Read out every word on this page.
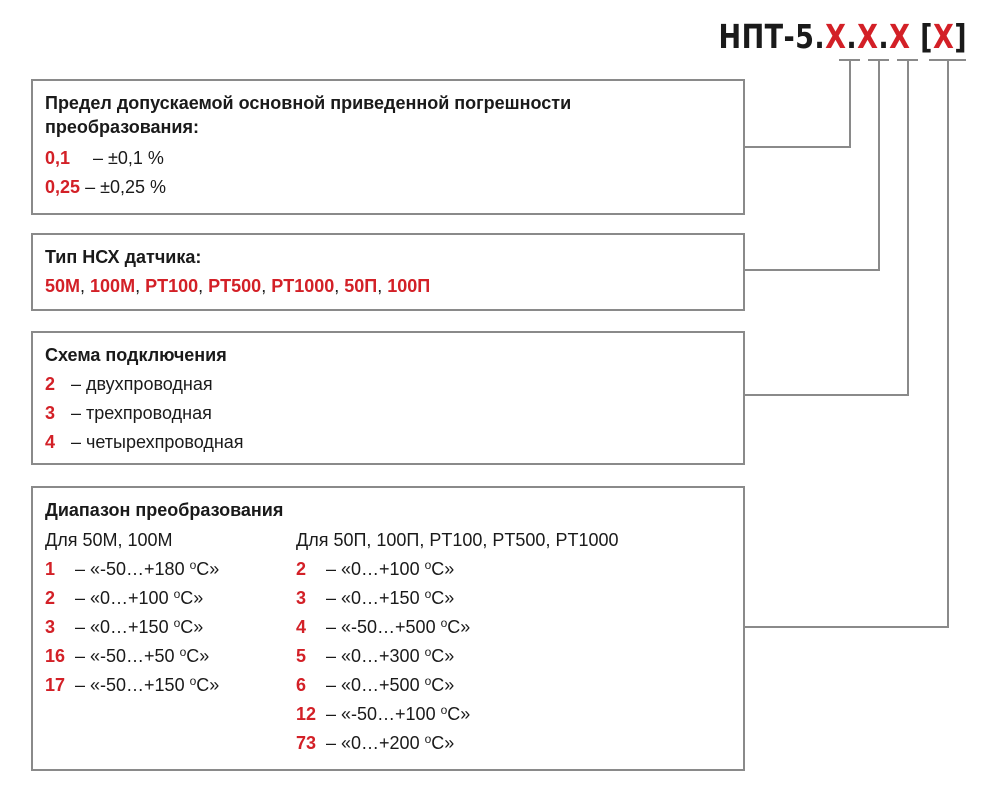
НПТ-5.X.X.X [X]
Предел допускаемой основной приведенной погрешности преобразования:
0,1 – ±0,1 %
0,25 – ±0,25 %
Тип НСХ датчика:
50М, 100М, PT100, PT500, PT1000, 50П, 100П
Схема подключения
2 – двухпроводная
3 – трехпроводная
4 – четырехпроводная
Диапазон преобразования
Для 50М, 100М
1 – «-50…+180 $^o$С»
2 – «0…+100 $^o$С»
3 – «0…+150 $^o$С»
16 – «-50…+50 $^o$С»
17 – «-50…+150 $^o$С»
Для 50П, 100П, PT100, PT500, PT1000
2 – «0…+100 $^o$С»
3 – «0…+150 $^o$С»
4 – «-50…+500 $^o$С»
5 – «0…+300 $^o$С»
6 – «0…+500 $^o$С»
12 – «-50…+100 $^o$С»
73 – «0…+200 $^o$С»
